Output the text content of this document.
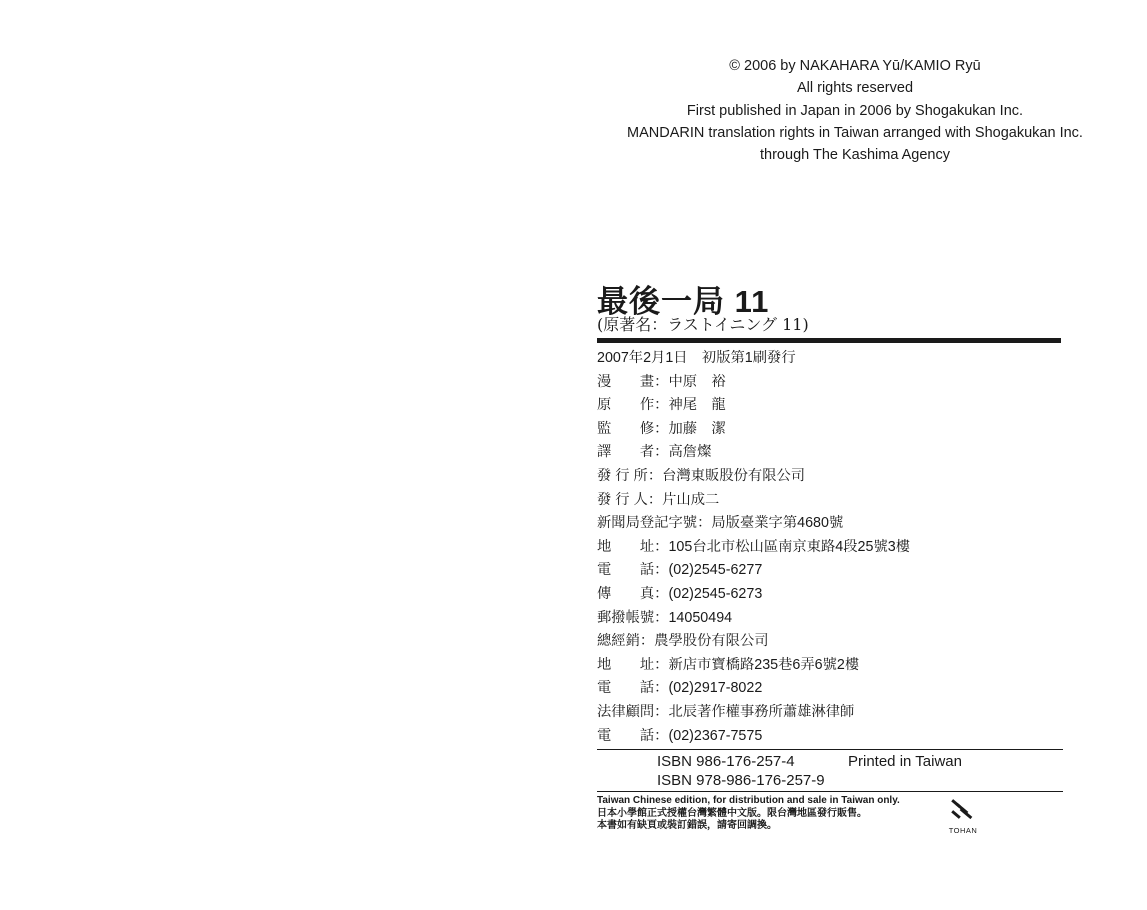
© 2006 by NAKAHARA Yū/KAMIO Ryū
All rights reserved
First published in Japan in 2006 by Shogakukan Inc.
MANDARIN translation rights in Taiwan arranged with Shogakukan Inc.
through The Kashima Agency
最後一局 11
(原著名：ラストイニング 11)
2007年2月1日　初版第1刷發行
漫　　畫：中原　裕
原　　作：神尾　龍
監　　修：加藤　潔
譯　　者：高詹燦
發 行 所：台灣東販股份有限公司
發 行 人：片山成二
新聞局登記字號：局版臺業字第4680號
地　　址：105台北市松山區南京東路4段25號3樓
電　　話：(02)2545-6277
傳　　真：(02)2545-6273
郵撥帳號：14050494
總經銷：農學股份有限公司
地　　址：新店市寶橋路235巷6弄6號2樓
電　　話：(02)2917-8022
法律顧問：北辰著作權事務所蕭雄淋律師
電　　話：(02)2367-7575
ISBN 986-176-257-4
ISBN 978-986-176-257-9
Printed in Taiwan
Taiwan Chinese edition, for distribution and sale in Taiwan only.
日本小學館正式授權台灣繁體中文版。限台灣地區發行販售。
本書如有缺頁或裝訂錯誤，請寄回調換。	TOHAN
